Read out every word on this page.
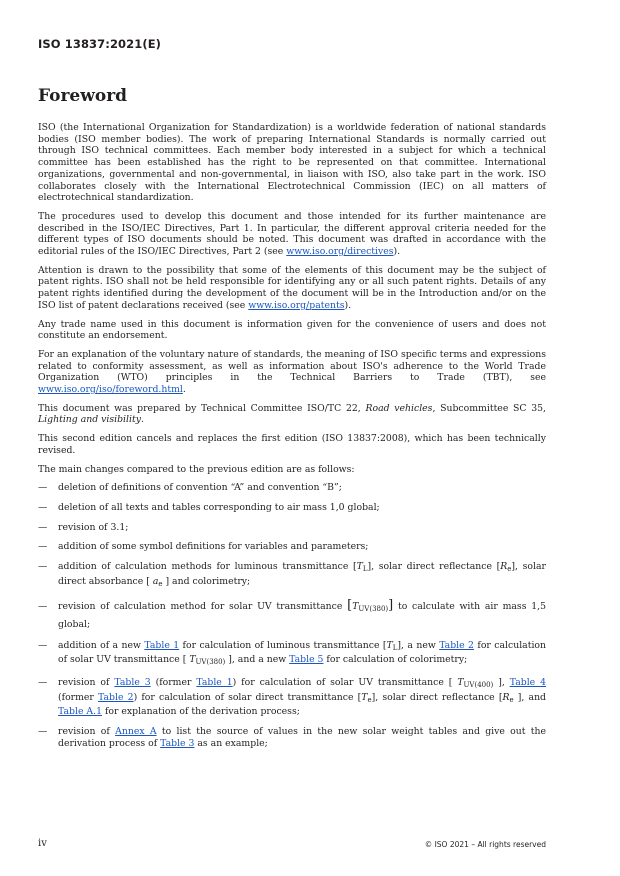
ISO 13837:2021(E)
Foreword

ISO (the International Organization for Standardization) is a worldwide federation of national standards bodies (ISO member bodies). The work of preparing International Standards is normally carried out through ISO technical committees. Each member body interested in a subject for which a technical committee has been established has the right to be represented on that committee. International organizations, governmental and non-governmental, in liaison with ISO, also take part in the work. ISO collaborates closely with the International Electrotechnical Commission (IEC) on all matters of electrotechnical standardization.

The procedures used to develop this document and those intended for its further maintenance are described in the ISO/IEC Directives, Part 1. In particular, the different approval criteria needed for the different types of ISO documents should be noted. This document was drafted in accordance with the editorial rules of the ISO/IEC Directives, Part 2 (see www.iso.org/directives).

Attention is drawn to the possibility that some of the elements of this document may be the subject of patent rights. ISO shall not be held responsible for identifying any or all such patent rights. Details of any patent rights identified during the development of the document will be in the Introduction and/or on the ISO list of patent declarations received (see www.iso.org/patents).

Any trade name used in this document is information given for the convenience of users and does not constitute an endorsement.

For an explanation of the voluntary nature of standards, the meaning of ISO specific terms and expressions related to conformity assessment, as well as information about ISO's adherence to the World Trade Organization (WTO) principles in the Technical Barriers to Trade (TBT), see www.iso.org/iso/foreword.html.

This document was prepared by Technical Committee ISO/TC 22, Road vehicles, Subcommittee SC 35, Lighting and visibility.

This second edition cancels and replaces the first edition (ISO 13837:2008), which has been technically revised.

The main changes compared to the previous edition are as follows:

— deletion of definitions of convention “A” and convention “B”;
— deletion of all texts and tables corresponding to air mass 1,0 global;
— revision of 3.1;
— addition of some symbol definitions for variables and parameters;
— addition of calculation methods for luminous transmittance $[T_L]$, solar direct reflectance $[R_e]$, solar direct absorbance [ $a_e$ ] and colorimetry;
— revision of calculation method for solar UV transmittance $[T_{UV(380)}]$ to calculate with air mass 1,5 global;
— addition of a new Table 1 for calculation of luminous transmittance $[T_L]$, a new Table 2 for calculation of solar UV transmittance [ $T_{UV(380)}$ ], and a new Table 5 for calculation of colorimetry;
— revision of Table 3 (former Table 1) for calculation of solar UV transmittance [ $T_{UV(400)}$ ], Table 4 (former Table 2) for calculation of solar direct transmittance $[T_e]$, solar direct reflectance [$R_e$ ], and Table A.1 for explanation of the derivation process;
— revision of Annex A to list the source of values in the new solar weight tables and give out the derivation process of Table 3 as an example;
iv	© ISO 2021 – All rights reserved
